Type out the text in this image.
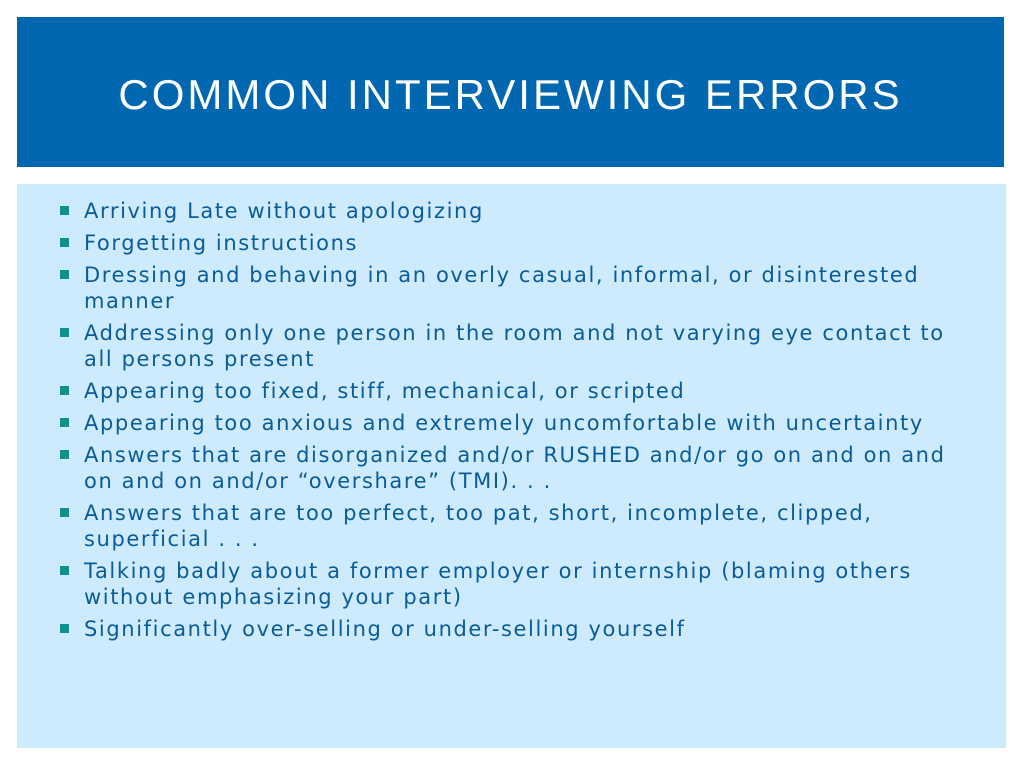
COMMON INTERVIEWING ERRORS
Arriving Late without apologizing
Forgetting instructions
Dressing and behaving in an overly casual, informal, or disinterested manner
Addressing only one person in the room and not varying eye contact to all persons present
Appearing too fixed, stiff, mechanical, or scripted
Appearing too anxious and extremely uncomfortable with uncertainty
Answers that are disorganized and/or RUSHED and/or go on and on and on and on and/or “overshare” (TMI). . .
Answers that are too perfect, too pat, short, incomplete, clipped, superficial . . .
Talking badly about a former employer or internship (blaming others without emphasizing your part)
Significantly over-selling or under-selling yourself
